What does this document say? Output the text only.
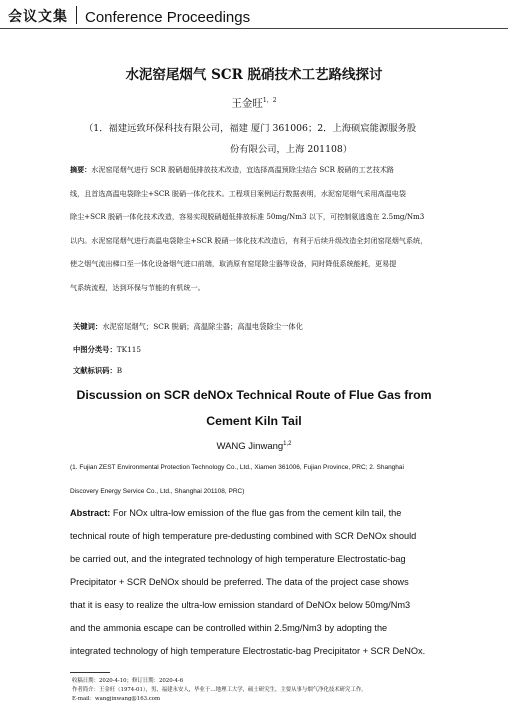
会议文集 Conference Proceedings
水泥窑尾烟气 SCR 脱硝技术工艺路线探讨
王金旺$^{1,2}$
（1．福建远致环保科技有限公司，福建 厦门 361006；2．上海硕宸能源服务股
份有限公司，上海 201108）
摘要：水泥窑尾烟气进行 SCR 脱硝超低排放技术改造，宜选择高温预除尘结合 SCR 脱硝的工艺技术路
线，且首选高温电袋除尘+SCR 脱硝一体化技术。工程项目案例运行数据表明，水泥窑尾烟气采用高温电袋
除尘+SCR 脱硝一体化技术改造，容易实现脱硝超低排放标准 50mg/Nm3 以下，可控制氨逃逸在 2.5mg/Nm3
以内。水泥窑尾烟气进行高温电袋除尘+SCR 脱硝一体化技术改造后，有利于后续升级改造全封闭窑尾烟气系统，
使之烟气流出梯口至一体化设备烟气进口前端，取消原有窑尾除尘器等设备，同时降低系统能耗，更易提
气系统流程，达到环保与节能的有机统一。
关键词：水泥窑尾烟气；SCR 脱硝；高温除尘器；高温电袋除尘一体化
中图分类号：TK115
文献标识码：B
Discussion on SCR deNOx Technical Route of Flue Gas from
Cement Kiln Tail
WANG Jinwang$^{1,2}$
(1. Fujian ZEST Environmental Protection Technology Co., Ltd., Xiamen 361006, Fujian Province, PRC; 2. Shanghai
Discovery Energy Service Co., Ltd., Shanghai 201108, PRC)
Abstract: For NOx ultra-low emission of the flue gas from the cement kiln tail, the
technical route of high temperature pre-dedusting combined with SCR DeNOx should
be carried out, and the integrated technology of high temperature Electrostatic-bag
Precipitator + SCR DeNOx should be preferred. The data of the project case shows
that it is easy to realize the ultra-low emission standard of DeNOx below 50mg/Nm3
and the ammonia escape can be controlled within 2.5mg/Nm3 by adopting the
integrated technology of high temperature Electrostatic-bag Precipitator + SCR DeNOx.
收稿日期：2020-4-10；修订日期：2020-4-6
作者简介：王金旺（1974-01），男，福建永安人，毕业于…地理工大学，硕士研究生，主要从事与烟气净化技术研究工作。
E-mail：wangjinwang@163.com
